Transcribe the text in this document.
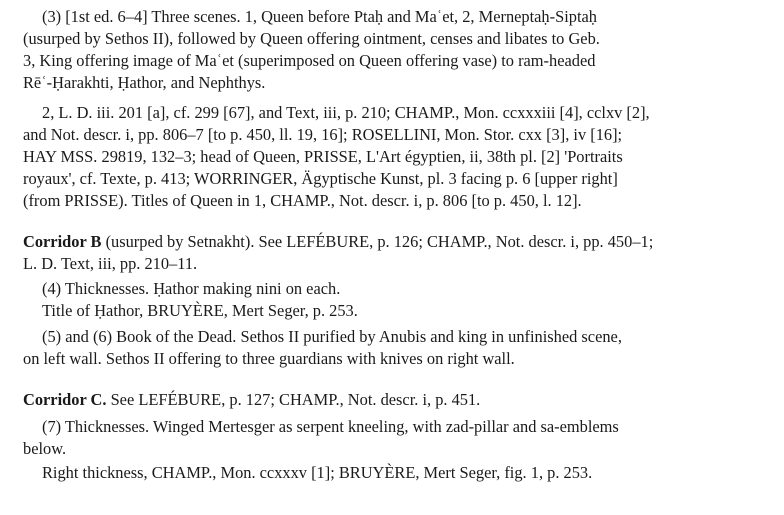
(3) [1st ed. 6–4] Three scenes. 1, Queen before Ptaḥ and Maʿet, 2, Merneptaḥ-Siptaḥ
(usurped by Sethos II), followed by Queen offering ointment, censes and libates to Geb.
3, King offering image of Maʿet (superimposed on Queen offering vase) to ram-headed
Rēʿ-Ḥarakhti, Ḥathor, and Nephthys.
2, L. D. iii. 201 [a], cf. 299 [67], and Text, iii, p. 210; CHAMP., Mon. ccxxxiii [4], cclxv [2],
and Not. descr. i, pp. 806–7 [to p. 450, ll. 19, 16]; ROSELLINI, Mon. Stor. cxx [3], iv [16];
HAY MSS. 29819, 132–3; head of Queen, PRISSE, L'Art égyptien, ii, 38th pl. [2] 'Portraits
royaux', cf. Texte, p. 413; WORRINGER, Ägyptische Kunst, pl. 3 facing p. 6 [upper right]
(from PRISSE). Titles of Queen in 1, CHAMP., Not. descr. i, p. 806 [to p. 450, l. 12].
Corridor B (usurped by Setnakht). See LEFÉBURE, p. 126; CHAMP., Not. descr. i, pp. 450–1;
L. D. Text, iii, pp. 210–11.
(4) Thicknesses. Ḥathor making nini on each.
Title of Ḥathor, BRUYÈRE, Mert Seger, p. 253.
(5) and (6) Book of the Dead. Sethos II purified by Anubis and king in unfinished scene,
on left wall. Sethos II offering to three guardians with knives on right wall.
Corridor C. See LEFÉBURE, p. 127; CHAMP., Not. descr. i, p. 451.
(7) Thicknesses. Winged Mertesger as serpent kneeling, with zad-pillar and sa-emblems
below.
Right thickness, CHAMP., Mon. ccxxxv [1]; BRUYÈRE, Mert Seger, fig. 1, p. 253.
